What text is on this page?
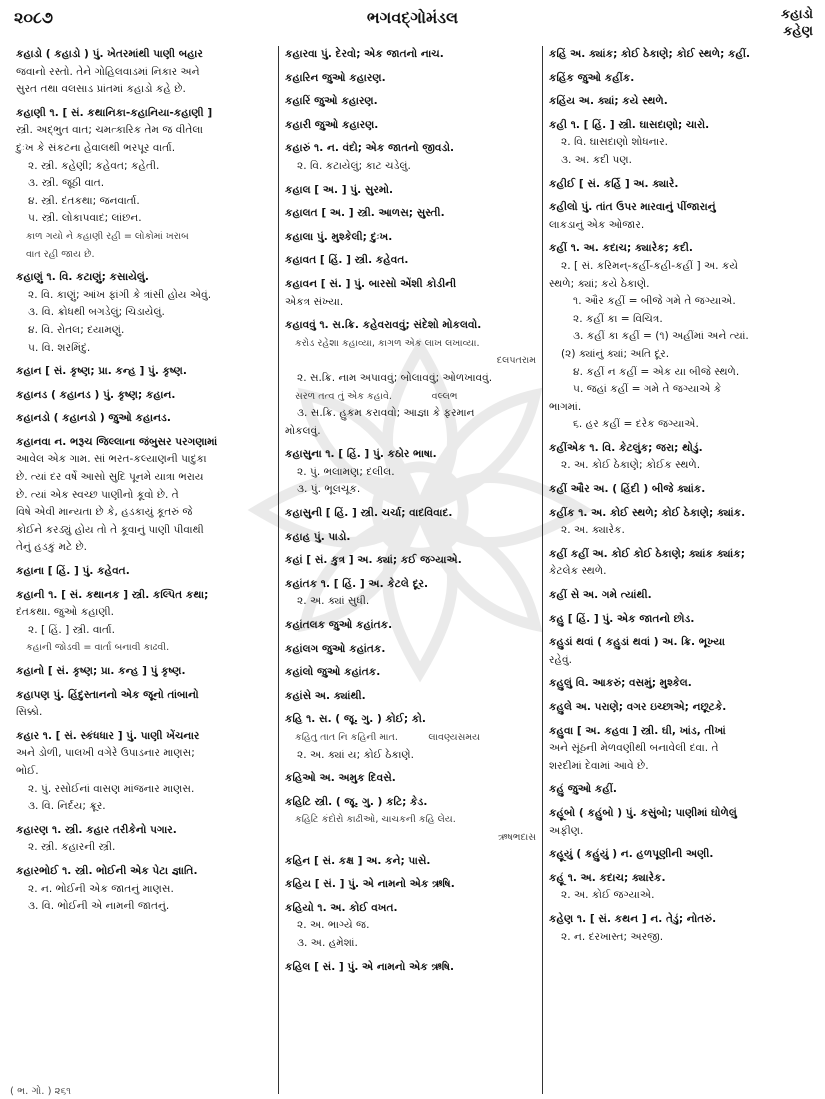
૨૦૮૭	ભગવદ્ગોમંડલ	કહાડો
કહેણ
કહાડો ( કહાડો ) પું. ખેતરમાંથી પાણી બહાર
જવાનો રસ્તો. તેને ગોહિલવાડમાં નિકાર અને
સુરત તથા વલસાડ પ્રાંતમાં કહાડો કહે છે.
કહાણી ૧. [ સં. કથાનિકા-કહાનિયા-કહાણી ]
સ્ત્રી. અદ્ભુત વાત; ચમત્કારિક તેમ જ વીતેલા
દુઃખ કે સંકટના હેવાલથી ભરપૂર વાર્તા.
૨. સ્ત્રી. કહેણી; કહેવત; કહેતી.
૩. સ્ત્રી. જૂઠી વાત.
૪. સ્ત્રી. દંતકથા; જનવાર્તા.
૫. સ્ત્રી. લોકાપવાદ; લાંછન.
કાળ ગયો ને કહાણી રહી = લોકોમાં ખરાબ
વાત રહી જાય છે.
કહાણું ૧. વિ. કટાણું; કસાયેલું.
૨. વિ. કાણું; આંખ ફાંગી કે ત્રાંસી હોય એવું.
૩. વિ. ક્રોધથી બગડેલું; ચિડાયેલું.
૪. વિ. રોતલ; દયામણું.
૫. વિ. શરમિંદું.
કહાન [ સં. કૃષ્ણ; પ્રા. કન્હ ] પું. કૃષ્ણ.
કહાનડ ( કહાનડ ) પું. કૃષ્ણ; કહાન.
કહાનડો ( કહાનડો ) જુઓ કહાનડ.
કહાનવા ન. ભરૂચ જિલ્લાના જંબુસર પરગણામાં
આવેલ એક ગામ. સાં ભરત-કલ્યાણની પાદુકા
છે. ત્યાં દર વર્ષે આસો સુદિ પૂનમે યાત્રા ભરાય
છે. ત્યાં એક સ્વચ્છ પાણીનો કૂવો છે. તે
વિષે એવી માન્યતા છે કે, હડકાયું કૂતરું જે
કોઈને કરડ્યું હોય તો તે કૂવાનું પાણી પીવાથી
તેનું હડકું મટે છે.
કહાના [ હિં. ] પું. કહેવત.
કહાની ૧. [ સં. કથાનક ] સ્ત્રી. કલ્પિત કથા;
દંતકથા. જુઓ કહાણી.
૨. [ હિં. ] સ્ત્રી. વાર્તા.
કહાની જોડવી = વાર્તા બનાવી કાઢવી.
કહાનો [ સં. કૃષ્ણ; પ્રા. કન્હ ] પું કૃષ્ણ.
કહાપણ પું. હિંદુસ્તાનનો એક જૂનો તાંબાનો
સિક્કો.
કહાર ૧. [ સં. સ્કંધધાર ] પું. પાણી ખેંચનાર
અને ડોળી, પાલખી વગેરે ઉપાડનાર માણસ;
ભોઈ.
૨. પું. રસોઈનાં વાસણ માંજનાર માણસ.
૩. વિ. નિર્દય; ક્રૂર.
કહારણ ૧. સ્ત્રી. કહાર તરીકેનો પગાર.
૨. સ્ત્રી. કહારની સ્ત્રી.
કહારભોઈ ૧. સ્ત્રી. ભોઈની એક પેટા જ્ઞાતિ.
૨. ન. ભોઈની એક જાતનું માણસ.
૩. વિ. ભોઈની એ નામની જાતનું.
કહારવા પું. દેરવો; એક જાતનો નાચ.
કહારિન જુઓ કહારણ.
કહારિં જુઓ કહારણ.
કહારી જુઓ કહારણ.
કહારું ૧. ન. વંદો; એક જાતનો જીવડો.
૨. વિ. કટાયેલું; કાટ ચડેલું.
કહાલ [ અ. ] પું. સુરમો.
કહાલત [ અ. ] સ્ત્રી. આળસ; સુસ્તી.
કહાલા પું. મુશ્કેલી; દુઃખ.
કહાવત [ હિં. ] સ્ત્રી. કહેવત.
કહાવન [ સં. ] પું. બારસો એંશી કોડીની
એકત્ર સંખ્યા.
કહાવવું ૧. સ.ક્રિ. કહેવરાવવું; સંદેશો મોકલવો.
કરોડ રહેશા કહાવ્યા, કાગળ એક લાખ લખાવ્યા.
દલપતરામ
૨. સ.ક્રિ. નામ અપાવવું; બોલાવવું; ઓળખાવવું.
સરળ તત્વ તું એક કહાવે.             વલ્લભ
૩. સ.ક્રિ. હુકમ કરાવવો; આજ્ઞા કે ફરમાન
મોકલવું.
કહાસુના ૧. [ હિં. ] પું. કઠોર ભાષા.
૨. પું. ભલામણ; દલીલ.
૩. પું. ભૂલચૂક.
કહાસુની [ હિં. ] સ્ત્રી. ચર્ચા; વાદવિવાદ.
કહાહ પું. પાડો.
કહાં [ સં. કુત્ર ] અ. ક્યાં; કઈ જગ્યાએ.
કહાંતક ૧. [ હિં. ] અ. કેટલે દૂર.
૨. અ. ક્યાં સુધી.
કહાંતલક જુઓ કહાંતક.
કહાંલગ જુઓ કહાંતક.
કહાંલો જુઓ કહાંતક.
કહાંસે અ. ક્યાંથી.
કહિ ૧. સ. ( જૂ. ગુ. ) કોઈ; કો.
કહિતુ તાત નિ કહિની માત.          લાવણ્યસમય
૨. અ. ક્યાં ય; કોઈ ઠેકાણે.
કહિઓ અ. અમુક દિવસે.
કહિટિ સ્ત્રી. ( જૂ. ગુ. ) કટિ; કેડ.
કહિટિ કંદોરો કાઢીઓ, ચાચકની કહિ લેય.
ઋષભદાસ
કહિન [ સં. કક્ષ ] અ. કને; પાસે.
કહિય [ સં. ] પું. એ નામનો એક ઋષિ.
કહિયો ૧. અ. કોઈ વખત.
૨. અ. ભાગ્યે જ.
૩. અ. હમેશાં.
કહિલ [ સં. ] પું. એ નામનો એક ઋષિ.
કહિં અ. ક્યાંક; કોઈ ઠેકાણે; કોઈ સ્થળે; કહીં.
કહિંક જુઓ કહીંક.
કહિંય અ. ક્યાં; કયે સ્થળે.
કહી ૧. [ હિં. ] સ્ત્રી. ઘાસદાણો; ચારો.
૨. વિ. ઘાસદાણો શોધનાર.
૩. અ. કદી પણ.
કહીઈ [ સં. કર્હિ ] અ. ક્યારે.
કહીલો પું. તાંત ઉપર મારવાનું પીંજારાનું
લાકડાનું એક ઓજાર.
કહીં ૧. અ. કદાચ; ક્યારેક; કદી.
૨. [ સં. કરિમન્-કર્હી-કહી-કહીં ] અ. કયે
સ્થળે; ક્યાં; કયે ઠેકાણે.
૧. ઔર કહીં = બીજે ગમે તે જગ્યાએ.
૨. કહીં કા = વિચિત્ર.
૩. કહીં કા કહીં = (૧) અહીંમાં અને ત્યાં.
(૨) ક્યાંનું ક્યાં; અતિ દૂર.
૪. કહીં ન કહીં = એક યા બીજે સ્થળે.
૫. જહાં કહીં = ગમે તે જગ્યાએ કે
ભાગમાં.
૬. હર કહીં = દરેક જગ્યાએ.
કહીંએક ૧. વિ. કેટલુંક; જરા; થોડું.
૨. અ. કોઈ ઠેકાણે; કોઈક સ્થળે.
કહીં ઔર અ. ( હિંદી ) બીજે ક્યાંક.
કહીંક ૧. અ. કોઈ સ્થળે; કોઈ ઠેકાણે; ક્યાંક.
૨. અ. ક્યારેક.
કહીં કહીં અ. કોઈ કોઈ ઠેકાણે; ક્યાંક ક્યાંક;
કેટલેક સ્થળે.
કહીં સે અ. ગમે ત્યાંથી.
કહુ [ હિં. ] પું. એક જાતનો છોડ.
કહુડાં થવાં ( કહુડાં થવાં ) અ. ક્રિ. ભૂખ્યા
રહેવું.
કહુલું વિ. આકરું; વસમું; મુશ્કેલ.
કહુલે અ. પરાણે; વગર ઇચ્છાએ; નછૂટકે.
કહુવા [ અ. કહવા ] સ્ત્રી. ઘી, ખાંડ, તીખાં
અને સૂંઠની મેળવણીથી બનાવેલી દવા. તે
શરદીમાં દેવામાં આવે છે.
કહું જુઓ કહીં.
કહૂંબો ( કહુંબો ) પું. કસુંબો; પાણીમાં ઘોળેલું
અફીણ.
કહૂયું ( કહુંયું ) ન. હળપૂણીની અણી.
કહૂં ૧. અ. કદાચ; ક્યારેક.
૨. અ. કોઈ જગ્યાએ.
કહેણ ૧. [ સં. કથન ] ન. તેડું; નોતરું.
૨. ન. દરખાસ્ત; અરજી.
( ભ. ગો. ) ૨૬૧
